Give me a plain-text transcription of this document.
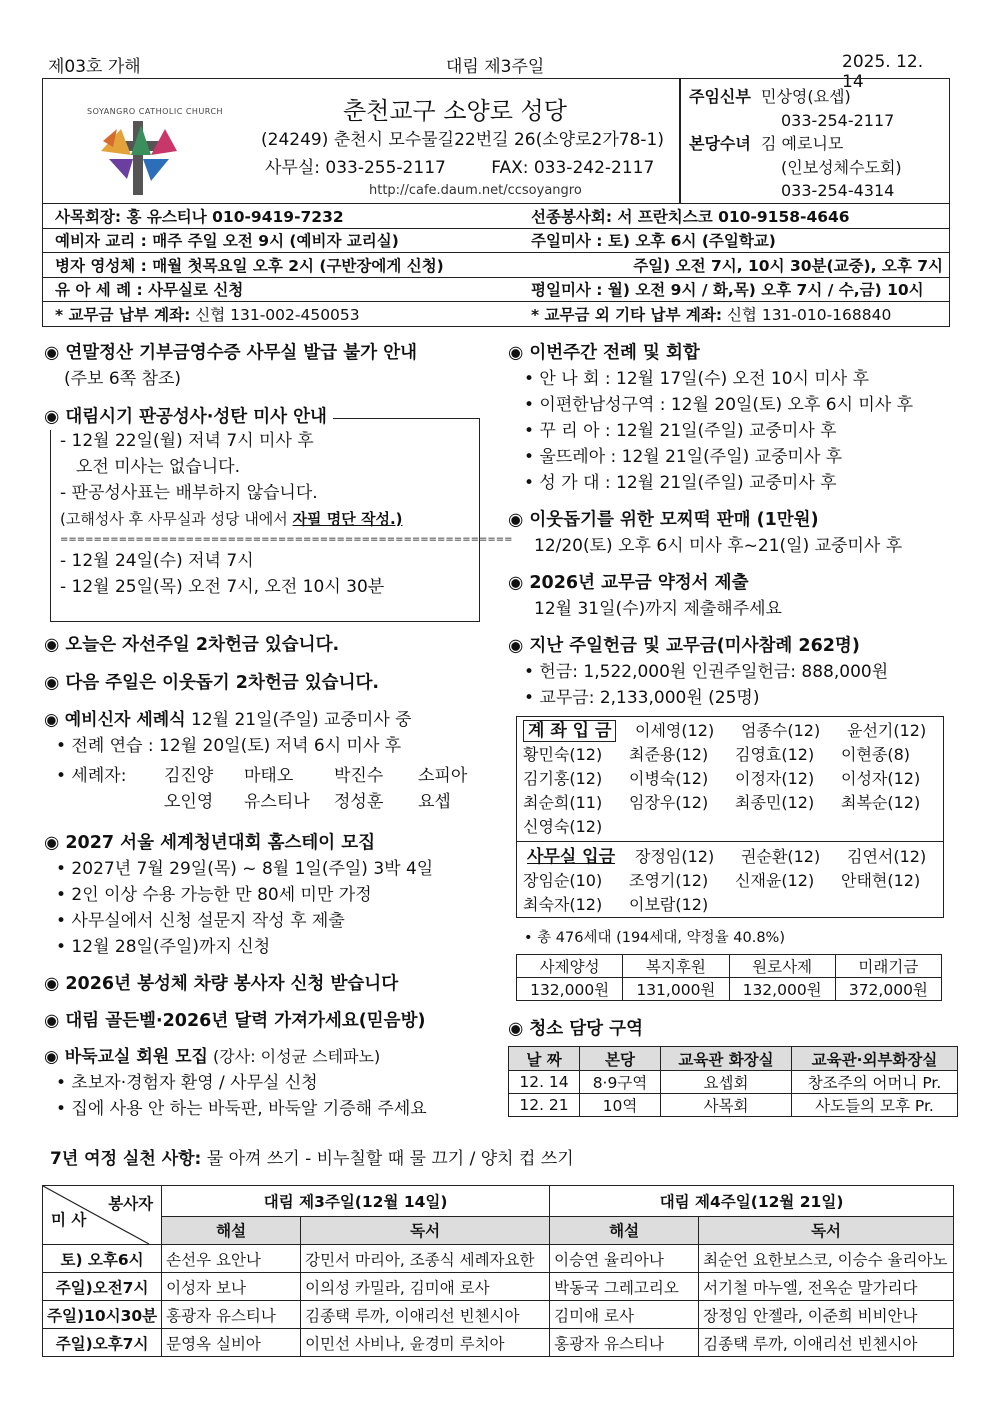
제03호 가해	대림 제3주일	2025. 12. 14
SOYANGRO CATHOLIC CHURCH	춘천교구 소양로 성당
(24249) 춘천시 모수물길22번길 26(소양로2가78-1)
사무실: 033-255-2117	FAX: 033-242-2117
http://cafe.daum.net/ccsoyangro
주임신부 민상영(요셉)
033-254-2117
본당수녀 김 예로니모
(인보성체수도회)
033-254-4314
사목회장: 홍 유스티나 010-9419-7232	선종봉사회: 서 프란치스코 010-9158-4646
예비자 교리 : 매주 주일 오전 9시 (예비자 교리실)	주일미사 : 토) 오후 6시 (주일학교)
병자 영성체 : 매월 첫목요일 오후 2시 (구반장에게 신청)	주일) 오전 7시, 10시 30분(교중), 오후 7시
유 아 세 례 : 사무실로 신청	평일미사 : 월) 오전 9시 / 화,목) 오후 7시 / 수,금) 10시
* 교무금 납부 계좌: 신협 131-002-450053	* 교무금 외 기타 납부 계좌: 신협 131-010-168840
◉ 연말정산 기부금영수증 사무실 발급 불가 안내
(주보 6쪽 참조)
◉ 대림시기 판공성사·성탄 미사 안내
- 12월 22일(월) 저녁 7시 미사 후
오전 미사는 없습니다.
- 판공성사표는 배부하지 않습니다.
(고해성사 후 사무실과 성당 내에서 자필 명단 작성.)
======================================================
- 12월 24일(수) 저녁 7시
- 12월 25일(목) 오전 7시, 오전 10시 30분
◉ 오늘은 자선주일 2차헌금 있습니다.
◉ 다음 주일은 이웃돕기 2차헌금 있습니다.
◉ 예비신자 세례식 12월 21일(주일) 교중미사 중
• 전례 연습 : 12월 20일(토) 저녁 6시 미사 후
• 세례자:	김진양	마태오	박진수	소피아
오인영	유스티나	정성훈	요셉
◉ 2027 서울 세계청년대회 홈스테이 모집
• 2027년 7월 29일(목) ~ 8월 1일(주일) 3박 4일
• 2인 이상 수용 가능한 만 80세 미만 가정
• 사무실에서 신청 설문지 작성 후 제출
• 12월 28일(주일)까지 신청
◉ 2026년 봉성체 차량 봉사자 신청 받습니다
◉ 대림 골든벨·2026년 달력 가져가세요(믿음방)
◉ 바둑교실 회원 모집 (강사: 이성균 스테파노)
• 초보자·경험자 환영 / 사무실 신청
• 집에 사용 안 하는 바둑판, 바둑알 기증해 주세요
◉ 이번주간 전례 및 회합
• 안 나 회 : 12월 17일(수) 오전 10시 미사 후
• 이편한남성구역 : 12월 20일(토) 오후 6시 미사 후
• 꾸 리 아 : 12월 21일(주일) 교중미사 후
• 울뜨레아 : 12월 21일(주일) 교중미사 후
• 성 가 대 : 12월 21일(주일) 교중미사 후
◉ 이웃돕기를 위한 모찌떡 판매 (1만원)
12/20(토) 오후 6시 미사 후~21(일) 교중미사 후
◉ 2026년 교무금 약정서 제출
12월 31일(수)까지 제출해주세요
◉ 지난 주일헌금 및 교무금(미사참례 262명)
• 헌금: 1,522,000원 인권주일헌금: 888,000원
• 교무금: 2,133,000원 (25명)
계 좌 입 금	이세영(12)	엄종수(12)	윤선기(12)
황민숙(12)	최준용(12)	김영효(12)	이현종(8)
김기홍(12)	이병숙(12)	이정자(12)	이성자(12)
최순희(11)	임장우(12)	최종민(12)	최복순(12)
신영숙(12)
사무실 입금	장정임(12)	권순환(12)	김연서(12)
장임순(10)	조영기(12)	신재윤(12)	안태현(12)
최숙자(12)	이보람(12)
• 총 476세대 (194세대, 약정율 40.8%)
사제양성	복지후원	원로사제	미래기금
132,000원	131,000원	132,000원	372,000원
◉ 청소 담당 구역
날 짜	본당	교육관 화장실	교육관·외부화장실
12. 14	8·9구역	요셉회	창조주의 어머니 Pr.
12. 21	10역	사목회	사도들의 모후 Pr.
7년 여정 실천 사항: 물 아껴 쓰기 - 비누칠할 때 물 끄기 / 양치 컵 쓰기
봉사자
미 사	대림 제3주일(12월 14일)		대림 제4주일(12월 21일)	
	해설	독서	해설	독서
토) 오후6시	손선우 요안나	강민서 마리아, 조종식 세례자요한	이승연 율리아나	최순언 요한보스코, 이승수 율리아노
주일)오전7시	이성자 보나	이의성 카밀라, 김미애 로사	박동국 그레고리오	서기철 마누엘, 전옥순 말가리다
주일)10시30분	홍광자 유스티나	김종택 루까, 이애리선 빈첸시아	김미애 로사	장정임 안젤라, 이준희 비비안나
주일)오후7시	문영옥 실비아	이민선 사비나, 윤경미 루치아	홍광자 유스티나	김종택 루까, 이애리선 빈첸시아
